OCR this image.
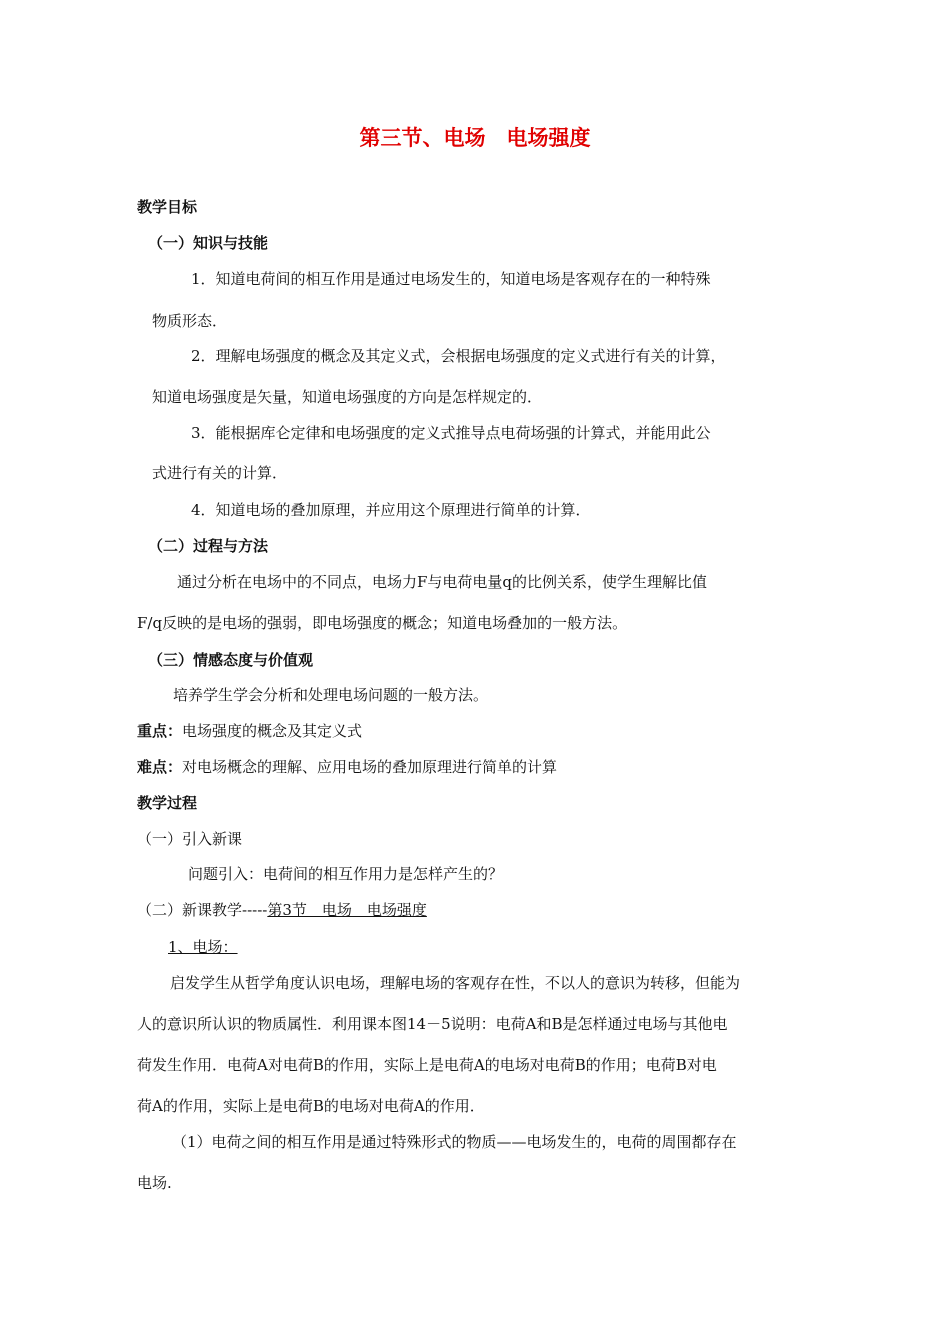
第三节、电场　电场强度
教学目标
（一）知识与技能
1．知道电荷间的相互作用是通过电场发生的，知道电场是客观存在的一种特殊
物质形态．
2．理解电场强度的概念及其定义式，会根据电场强度的定义式进行有关的计算，
知道电场强度是矢量，知道电场强度的方向是怎样规定的．
3．能根据库仑定律和电场强度的定义式推导点电荷场强的计算式，并能用此公
式进行有关的计算．
4．知道电场的叠加原理，并应用这个原理进行简单的计算．
（二）过程与方法
通过分析在电场中的不同点，电场力F与电荷电量q的比例关系，使学生理解比值
F/q反映的是电场的强弱，即电场强度的概念；知道电场叠加的一般方法。
（三）情感态度与价值观
培养学生学会分析和处理电场问题的一般方法。
重点：电场强度的概念及其定义式
难点：对电场概念的理解、应用电场的叠加原理进行简单的计算
教学过程
（一）引入新课
问题引入：电荷间的相互作用力是怎样产生的？
（二）新课教学-----第3节　电场　电场强度
1、电场：
启发学生从哲学角度认识电场，理解电场的客观存在性，不以人的意识为转移，但能为
人的意识所认识的物质属性．利用课本图14－5说明：电荷A和B是怎样通过电场与其他电
荷发生作用．电荷A对电荷B的作用，实际上是电荷A的电场对电荷B的作用；电荷B对电
荷A的作用，实际上是电荷B的电场对电荷A的作用．
（1）电荷之间的相互作用是通过特殊形式的物质——电场发生的，电荷的周围都存在
电场.
